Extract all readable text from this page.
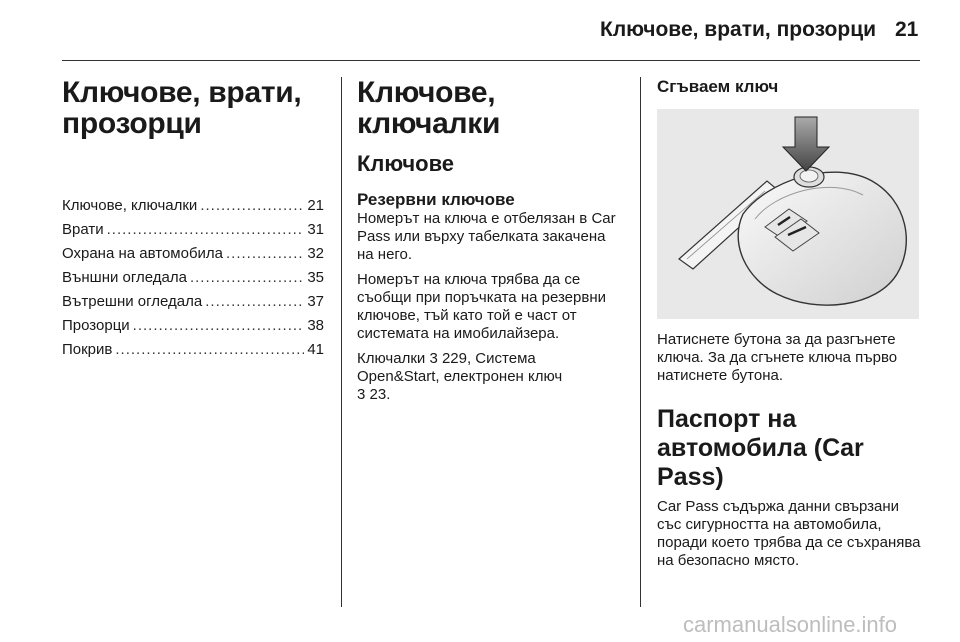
Ключове, врати, прозорци 21
Ключове, врати,
прозорци
Ключове, ключалки .....	21
Врати .....	31
Охрана на автомобила .....	32
Външни огледала .....	35
Вътрешни огледала .....	37
Прозорци .....	38
Покрив .....	41
Ключове, ключалки
Ключове
Резервни ключове

Номерът на ключа е отбелязан в Car Pass или върху табелката закачена на него.

Номерът на ключа трябва да се съобщи при поръчката на резервни ключове, тъй като той е част от системата на имобилайзера.

Ключалки 3 229, Система
Open&Start, електронен ключ
3 23.

Сгъваем ключ

Натиснете бутона за да разгънете ключа. За да сгънете ключа първо натиснете бутона.

Паспорт на автомобила (Car Pass)

Car Pass съдържа данни свързани със сигурността на автомобила, поради което трябва да се съхранява на безопасно място.

carmanualsonline.info
